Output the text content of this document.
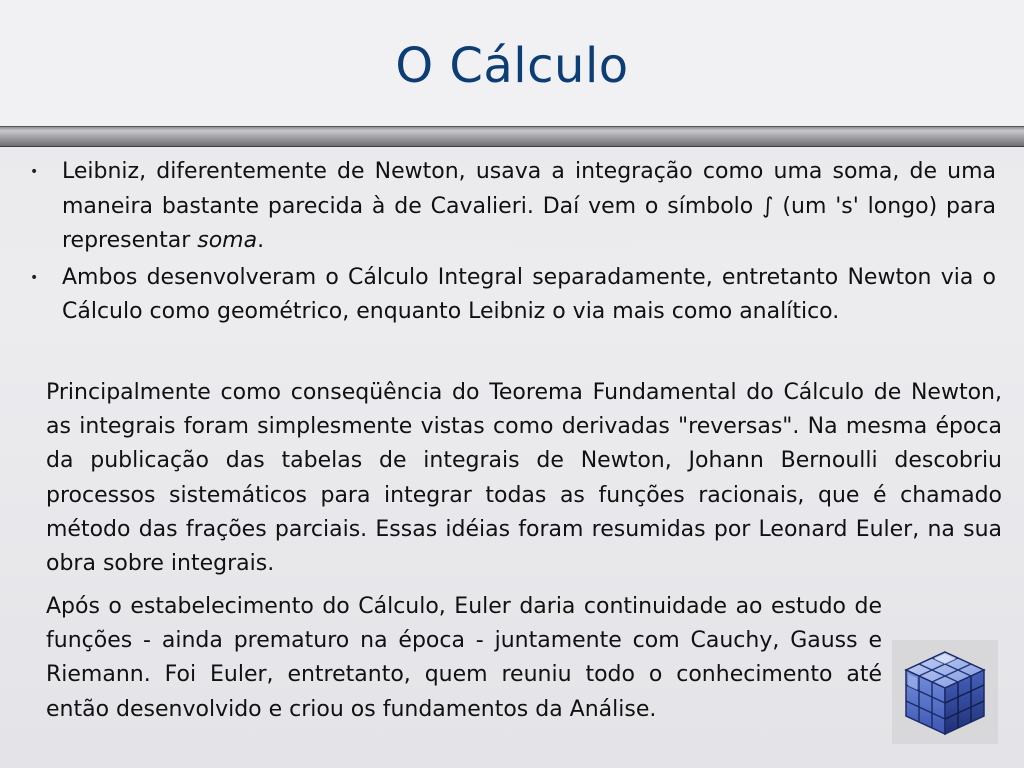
O Cálculo
• Leibniz, diferentemente de Newton, usava a integração como uma soma, de uma maneira bastante parecida à de Cavalieri. Daí vem o símbolo ∫ (um 's' longo) para representar soma.
• Ambos desenvolveram o Cálculo Integral separadamente, entretanto Newton via o Cálculo como geométrico, enquanto Leibniz o via mais como analítico.

Principalmente como conseqüência do Teorema Fundamental do Cálculo de Newton, as integrais foram simplesmente vistas como derivadas "reversas". Na mesma época da publicação das tabelas de integrais de Newton, Johann Bernoulli descobriu processos sistemáticos para integrar todas as funções racionais, que é chamado método das frações parciais. Essas idéias foram resumidas por Leonard Euler, na sua obra sobre integrais.

Após o estabelecimento do Cálculo, Euler daria continuidade ao estudo de funções - ainda prematuro na época - juntamente com Cauchy, Gauss e Riemann. Foi Euler, entretanto, quem reuniu todo o conhecimento até então desenvolvido e criou os fundamentos da Análise.
